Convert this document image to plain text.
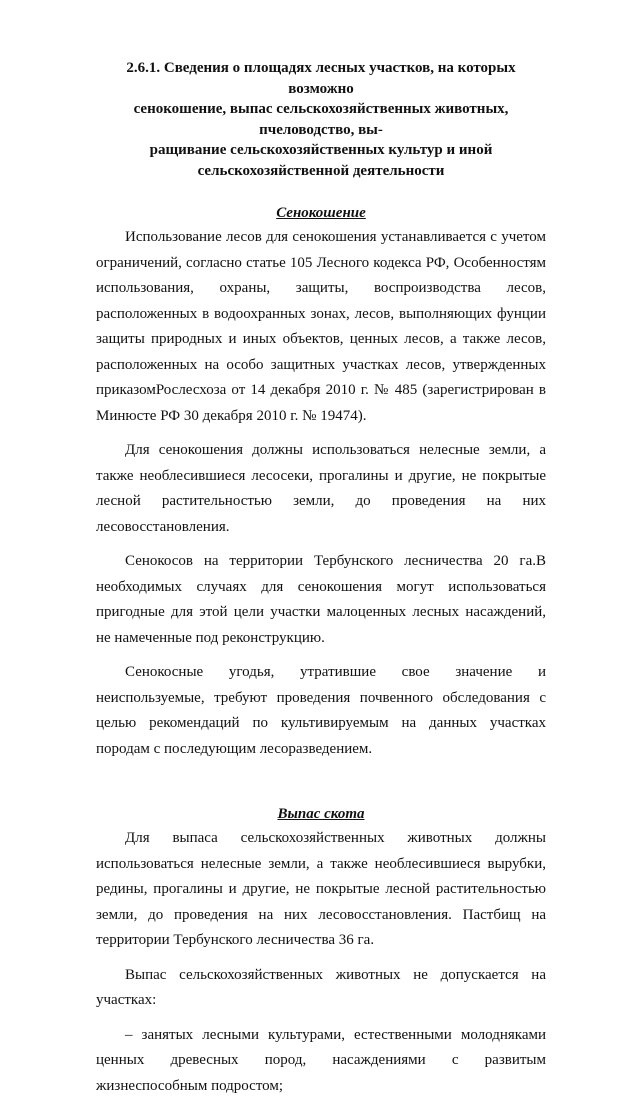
2.6.1. Сведения о площадях лесных участков, на которых возможно
сенокошение, выпас сельскохозяйственных животных, пчеловодство, вы-
ращивание сельскохозяйственных культур и иной
сельскохозяйственной деятельности
Сенокошение

Использование лесов для сенокошения устанавливается с учетом ограничений, согласно статье 105 Лесного кодекса РФ, Особенностям использования, охраны, защиты, воспроизводства лесов, расположенных в водоохранных зонах, лесов, выполняющих фунции защиты природных и иных объектов, ценных лесов, а также лесов, расположенных на особо защитных участках лесов, утвержденных приказомРослесхоза от 14 декабря 2010 г. № 485 (зарегистрирован в Минюсте РФ 30 декабря 2010 г. № 19474).

Для сенокошения должны использоваться нелесные земли, а также необлесившиеся лесосеки, прогалины и другие, не покрытые лесной растительностью земли, до проведения на них лесовосстановления.

Сенокосов на территории Тербунского лесничества 20 га.В необходимых случаях для сенокошения могут использоваться пригодные для этой цели участки малоценных лесных насаждений, не намеченные под реконструкцию.

Сенокосные угодья, утратившие свое значение и неиспользуемые, требуют проведения почвенного обследования с целью рекомендаций по культивируемым на данных участках породам с последующим лесоразведением.

Выпас скота

Для выпаса сельскохозяйственных животных должны использоваться нелесные земли, а также необлесившиеся вырубки, редины, прогалины и другие, не покрытые лесной растительностью земли, до проведения на них лесовосстановления. Пастбищ на территории Тербунского лесничества 36 га.

Выпас сельскохозяйственных животных не допускается на участках:

– занятых лесными культурами, естественными молодняками ценных древесных пород, насаждениями с развитым жизнеспособным подростом;
